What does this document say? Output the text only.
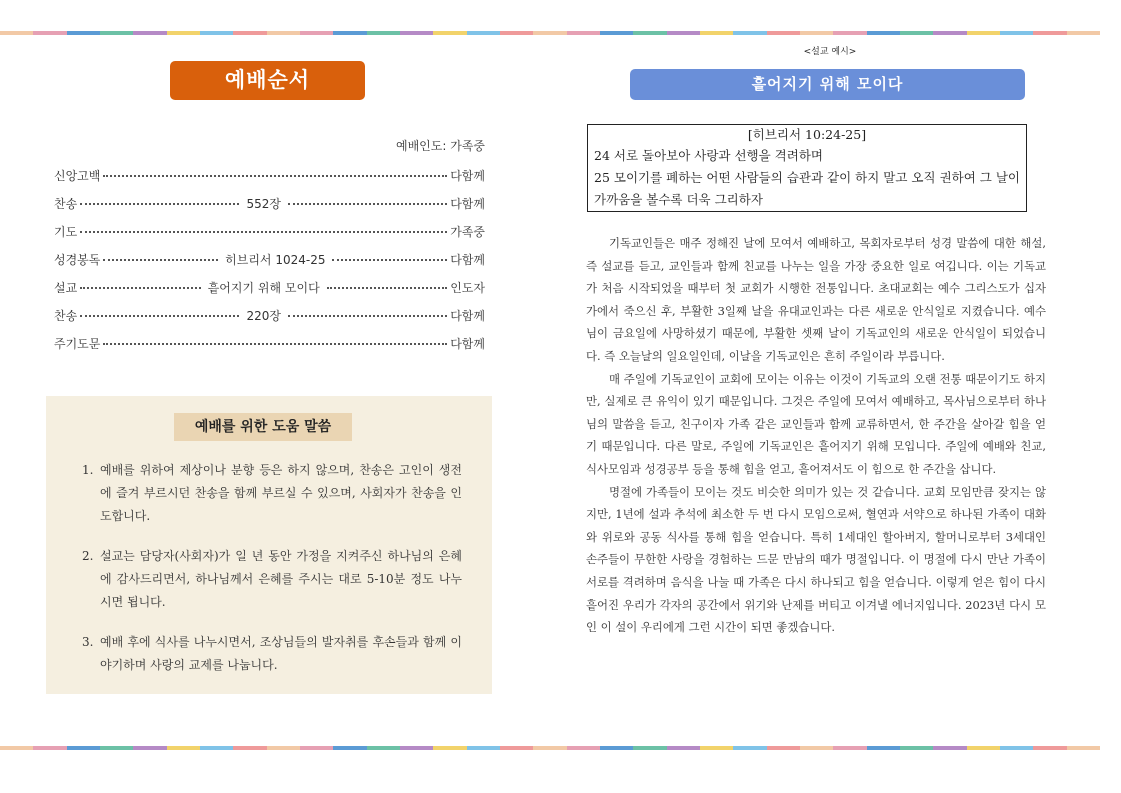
예배순서
예배인도: 가족중
신앙고백	다함께
찬송	552장	다함께
기도	가족중
성경봉독	히브리서 1024-25	다함께
설교	흩어지기 위해 모이다	인도자
찬송	220장	다함께
주기도문	다함께
예배를 위한 도움 말씀
1. 예배를 위하여 제상이나 분향 등은 하지 않으며, 찬송은 고인이 생전에 즐겨 부르시던 찬송을 함께 부르실 수 있으며, 사회자가 찬송을 인도합니다.
2. 설교는 담당자(사회자)가 일 년 동안 가정을 지켜주신 하나님의 은혜에 감사드리면서, 하나님께서 은혜를 주시는 대로 5-10분 정도 나누시면 됩니다.
3. 예배 후에 식사를 나누시면서, 조상님들의 발자취를 후손들과 함께 이야기하며 사랑의 교제를 나눕니다.
<설교 예시>
흩어지기 위해 모이다
[히브리서 10:24-25]
24 서로 돌아보아 사랑과 선행을 격려하며
25 모이기를 폐하는 어떤 사람들의 습관과 같이 하지 말고 오직 권하여 그 날이 가까움을 볼수록 더욱 그리하자

기독교인들은 매주 정해진 날에 모여서 예배하고, 목회자로부터 성경 말씀에 대한 해설, 즉 설교를 듣고, 교인들과 함께 친교를 나누는 일을 가장 중요한 일로 여깁니다. 이는 기독교가 처음 시작되었을 때부터 첫 교회가 시행한 전통입니다. 초대교회는 예수 그리스도가 십자가에서 죽으신 후, 부활한 3일째 날을 유대교인과는 다른 새로운 안식일로 지켰습니다. 예수님이 금요일에 사망하셨기 때문에, 부활한 셋째 날이 기독교인의 새로운 안식일이 되었습니다. 즉 오늘날의 일요일인데, 이날을 기독교인은 흔히 주일이라 부릅니다.

매 주일에 기독교인이 교회에 모이는 이유는 이것이 기독교의 오랜 전통 때문이기도 하지만, 실제로 큰 유익이 있기 때문입니다. 그것은 주일에 모여서 예배하고, 목사님으로부터 하나님의 말씀을 듣고, 친구이자 가족 같은 교인들과 함께 교류하면서, 한 주간을 살아갈 힘을 얻기 때문입니다. 다른 말로, 주일에 기독교인은 흩어지기 위해 모입니다. 주일에 예배와 친교, 식사모임과 성경공부 등을 통해 힘을 얻고, 흩어져서도 이 힘으로 한 주간을 삽니다.

명절에 가족들이 모이는 것도 비슷한 의미가 있는 것 같습니다. 교회 모임만큼 잦지는 않지만, 1년에 설과 추석에 최소한 두 번 다시 모임으로써, 혈연과 서약으로 하나된 가족이 대화와 위로와 공동 식사를 통해 힘을 얻습니다. 특히 1세대인 할아버지, 할머니로부터 3세대인 손주들이 무한한 사랑을 경험하는 드문 만남의 때가 명절입니다. 이 명절에 다시 만난 가족이 서로를 격려하며 음식을 나눌 때 가족은 다시 하나되고 힘을 얻습니다. 이렇게 얻은 힘이 다시 흩어진 우리가 각자의 공간에서 위기와 난제를 버티고 이겨낼 에너지입니다. 2023년 다시 모인 이 설이 우리에게 그런 시간이 되면 좋겠습니다.
